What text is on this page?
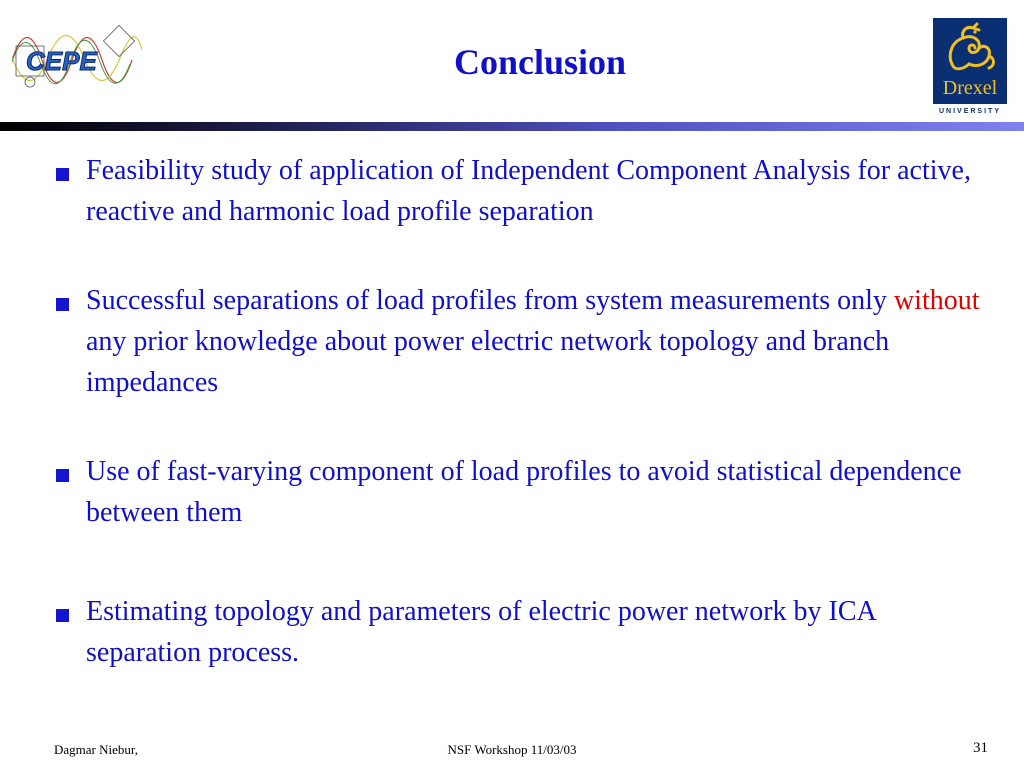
CEPE	Conclusion
Drexel
UNIVERSITY
Feasibility study of application of Independent Component Analysis for active, reactive and harmonic load profile separation
Successful separations of load profiles from system measurements only without any prior knowledge about power electric network topology and branch impedances
Use of fast-varying component of load profiles to avoid statistical dependence between them
Estimating topology and parameters of electric power network by ICA separation process.
Dagmar Niebur,	NSF Workshop 11/03/03	31
